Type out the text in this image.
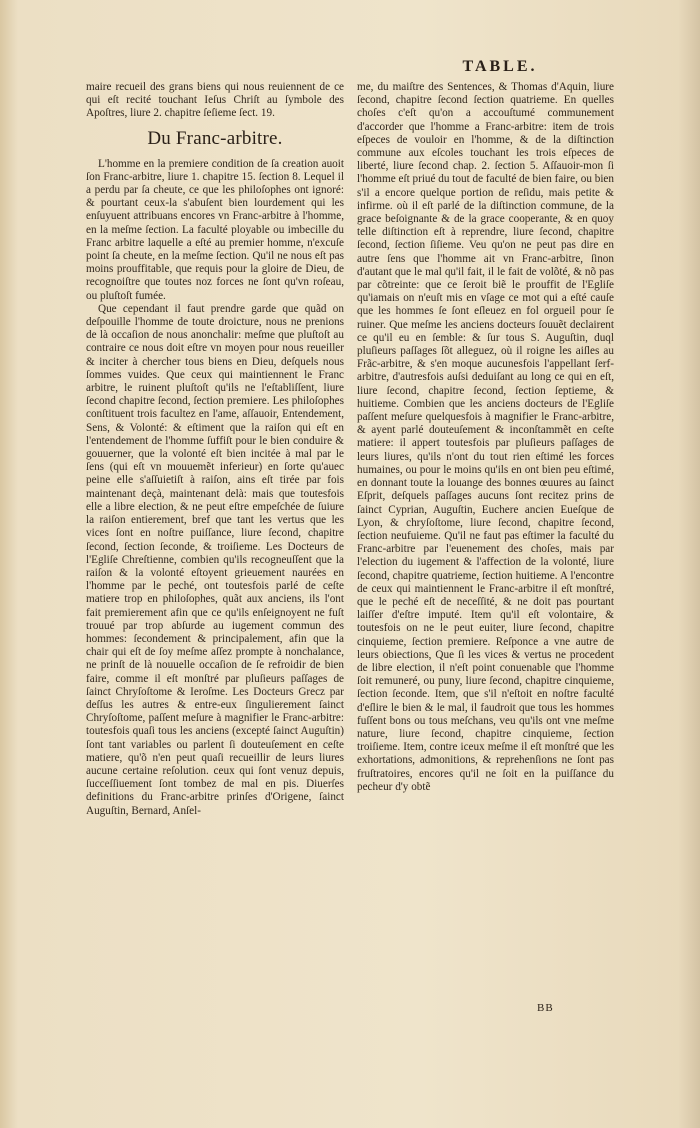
TABLE.

maire recueil des grans biens qui nous reuiennent de ce qui eſt recité touchant Ieſus Chriſt au ſymbole des Apoſtres, liure 2. chapitre ſeſieme ſect. 19.

Du Franc-arbitre.

L'homme en la premiere condition de ſa creation auoit ſon Franc-arbitre, liure 1. chapitre 15. ſection 8. Lequel il a perdu par ſa cheute, ce que les philoſophes ont ignoré: & pourtant ceux-la s'abuſent bien lourdement qui les enſuyuent attribuans encores vn Franc-arbitre à l'homme, en la meſme ſection. La faculté ployable ou imbecille du Franc arbitre laquelle a eſté au premier homme, n'excuſe point ſa cheute, en la meſme ſection. Qu'il ne nous eſt pas moins prouffitable, que requis pour la gloire de Dieu, de recognoiſtre que toutes noz forces ne ſont qu'vn roſeau, ou pluſtoſt fumée.

Que cependant il faut prendre garde que quãd on deſpouille l'homme de toute droicture, nous ne prenions de là occaſion de nous anonchalir: meſme que pluſtoſt au contraire ce nous doit eſtre vn moyen pour nous reueiller & inciter à chercher tous biens en Dieu, deſquels nous ſommes vuides. Que ceux qui maintiennent le Franc arbitre, le ruinent pluſtoſt qu'ils ne l'eſtabliſſent, liure ſecond chapitre ſecond, ſection premiere. Les philoſophes conſtituent trois facultez en l'ame, aſſauoir, Entendement, Sens, & Volonté: & eſtiment que la raiſon qui eſt en l'entendement de l'homme ſuffiſt pour le bien conduire & gouuerner, que la volonté eſt bien incitée à mal par le ſens (qui eſt vn mouuemẽt inferieur) en ſorte qu'auec peine elle s'aſſuietiſt à raiſon, ains eſt tirée par fois maintenant deçà, maintenant delà: mais que toutesfois elle a libre election, & ne peut eſtre empeſchée de ſuiure la raiſon entierement, bref que tant les vertus que les vices ſont en noſtre puiſſance, liure ſecond, chapitre ſecond, ſection ſeconde, & troiſieme. Les Docteurs de l'Egliſe Chreſtienne, combien qu'ils recogneuſſent que la raiſon & la volonté eſtoyent grieuement naurées en l'homme par le peché, ont toutesfois parlé de ceſte matiere trop en philoſophes, quãt aux anciens, ils l'ont fait premierement afin que ce qu'ils enſeignoyent ne fuſt trouué par trop abſurde au iugement commun des hommes: ſecondement & principalement, afin que la chair qui eſt de ſoy meſme aſſez prompte à nonchalance, ne prinſt de là nouuelle occaſion de ſe refroidir de bien faire, comme il eſt monſtré par pluſieurs paſſages de ſainct Chryſoſtome & Ieroſme. Les Docteurs Grecz par deſſus les autres & entre-eux ſingulierement ſainct Chryſoſtome, paſſent meſure à magnifier le Franc-arbitre: toutesfois quaſi tous les anciens (excepté ſainct Auguſtin) ſont tant variables ou parlent ſi douteuſement en ceſte matiere, qu'õ n'en peut quaſi recueillir de leurs liures aucune certaine reſolution. ceux qui ſont venuz depuis, ſucceſſiuement ſont tombez de mal en pis. Diuerſes definitions du Franc-arbitre prinſes d'Origene, ſainct Auguſtin, Bernard, Anſel-

me, du maiſtre des Sentences, & Thomas d'Aquin, liure ſecond, chapitre ſecond ſection quatrieme. En quelles choſes c'eſt qu'on a accouſtumé communement d'accorder que l'homme a Franc-arbitre: item de trois eſpeces de vouloir en l'homme, & de la diſtinction commune aux eſcoles touchant les trois eſpeces de liberté, liure ſecond chap. 2. ſection 5. Aſſauoir-mon ſi l'homme eſt priué du tout de faculté de bien faire, ou bien s'il a encore quelque portion de reſidu, mais petite & infirme. où il eſt parlé de la diſtinction commune, de la grace beſoignante & de la grace cooperante, & en quoy telle diſtinction eſt à reprendre, liure ſecond, chapitre ſecond, ſection ſiſieme. Veu qu'on ne peut pas dire en autre ſens que l'homme ait vn Franc-arbitre, ſinon d'autant que le mal qu'il fait, il le fait de volõté, & nõ pas par cõtreinte: que ce ſeroit biẽ le prouffit de l'Egliſe qu'iamais on n'euſt mis en vſage ce mot qui a eſté cauſe que les hommes ſe ſont eſleuez en fol orgueil pour ſe ruiner. Que meſme les anciens docteurs ſouuẽt declairent ce qu'il eu en ſemble: & ſur tous S. Auguſtin, duql pluſieurs paſſages ſõt alleguez, où il roigne les aiſles au Frãc-arbitre, & s'en moque aucunesfois l'appellant ſerf-arbitre, d'autresfois auſsi deduiſant au long ce qui en eſt, liure ſecond, chapitre ſecond, ſection ſeptieme, & huitieme. Combien que les anciens docteurs de l'Egliſe paſſent meſure quelquesfois à magnifier le Franc-arbitre, & ayent parlé douteuſement & inconſtammẽt en ceſte matiere: il appert toutesfois par pluſieurs paſſages de leurs liures, qu'ils n'ont du tout rien eſtimé les forces humaines, ou pour le moins qu'ils en ont bien peu eſtimé, en donnant toute la louange des bonnes œuures au ſainct Eſprit, deſquels paſſages aucuns ſont recitez prins de ſainct Cyprian, Auguſtin, Euchere ancien Eueſque de Lyon, & chryſoſtome, liure ſecond, chapitre ſecond, ſection neufuieme. Qu'il ne faut pas eſtimer la faculté du Franc-arbitre par l'euenement des choſes, mais par l'election du iugement & l'affection de la volonté, liure ſecond, chapitre quatrieme, ſection huitieme. A l'encontre de ceux qui maintiennent le Franc-arbitre il eſt monſtré, que le peché eſt de neceſſité, & ne doit pas pourtant laiſſer d'eſtre imputé. Item qu'il eſt volontaire, & toutesfois on ne le peut euiter, liure ſecond, chapitre cinquieme, ſection premiere. Reſponce a vne autre de leurs obiections, Que ſi les vices & vertus ne procedent de libre election, il n'eſt point conuenable que l'homme ſoit remuneré, ou puny, liure ſecond, chapitre cinquieme, ſection ſeconde. Item, que s'il n'eſtoit en noſtre faculté d'eſlire le bien & le mal, il faudroit que tous les hommes fuſſent bons ou tous meſchans, veu qu'ils ont vne meſme nature, liure ſecond, chapitre cinquieme, ſection troiſieme. Item, contre iceux meſme il eſt monſtré que les exhortations, admonitions, & reprehenſions ne ſont pas fruſtratoires, encores qu'il ne ſoit en la puiſſance du pecheur d'y obtẽ

BB
